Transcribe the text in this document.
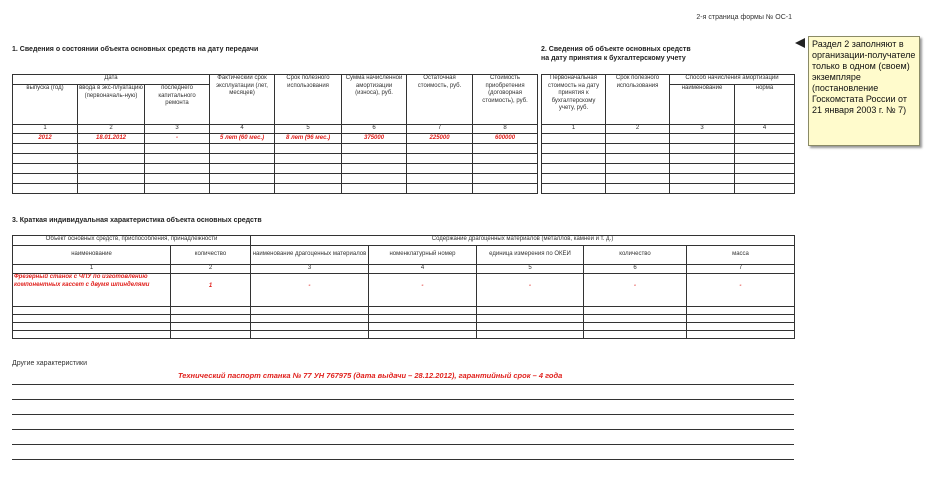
2-я страница формы № ОС-1
1. Сведения о состоянии объекта основных средств на дату передачи	2. Сведения об объекте основных средств
на дату принятия к бухгалтерскому учету
Дата			Фактический срок эксплуатации (лет, месяцев)	Срок полезного использования	Сумма начисленной амортизации (износа), руб.	Остаточная стоимость, руб.	Стоимость приобретения (договорная стоимость), руб.
выпуска (год)	ввода в экс-плуатацию (первоначаль-ную)	последнего капитального ремонта					
1	2	3	4	5	6	7	8
2012	18.01.2012	-	5 лет (60 мес.)	8 лет (96 мес.)	375000	225000	600000

Первоначальная стоимость на дату принятия к бухгалтерскому учету, руб.	Срок полезного использования	Способ начисления амортизации	
		наименование	норма
1	2	3	4

Раздел 2 заполняют в организации-получателе только в одном (своем) экземпляре (постановление Госкомстата России от 21 января 2003 г. № 7)
3. Краткая индивидуальная характеристика объекта основных средств
Объект основных средств, приспособления, принадлежности		Содержание драгоценных материалов (металлов, камней и т. д.)				
наименование	количество	наименование драгоценных материалов	номенклатурный номер	единица измерения по ОКЕИ	количество	масса
1	2	3	4	5	6	7
Фрезерный станок с ЧПУ по изготовлению компонентных кассет с двумя шпинделями	1	-	-	-	-	-

Другие характеристики
Технический паспорт станка № 77 УН 767975 (дата выдачи – 28.12.2012), гарантийный срок – 4 года
